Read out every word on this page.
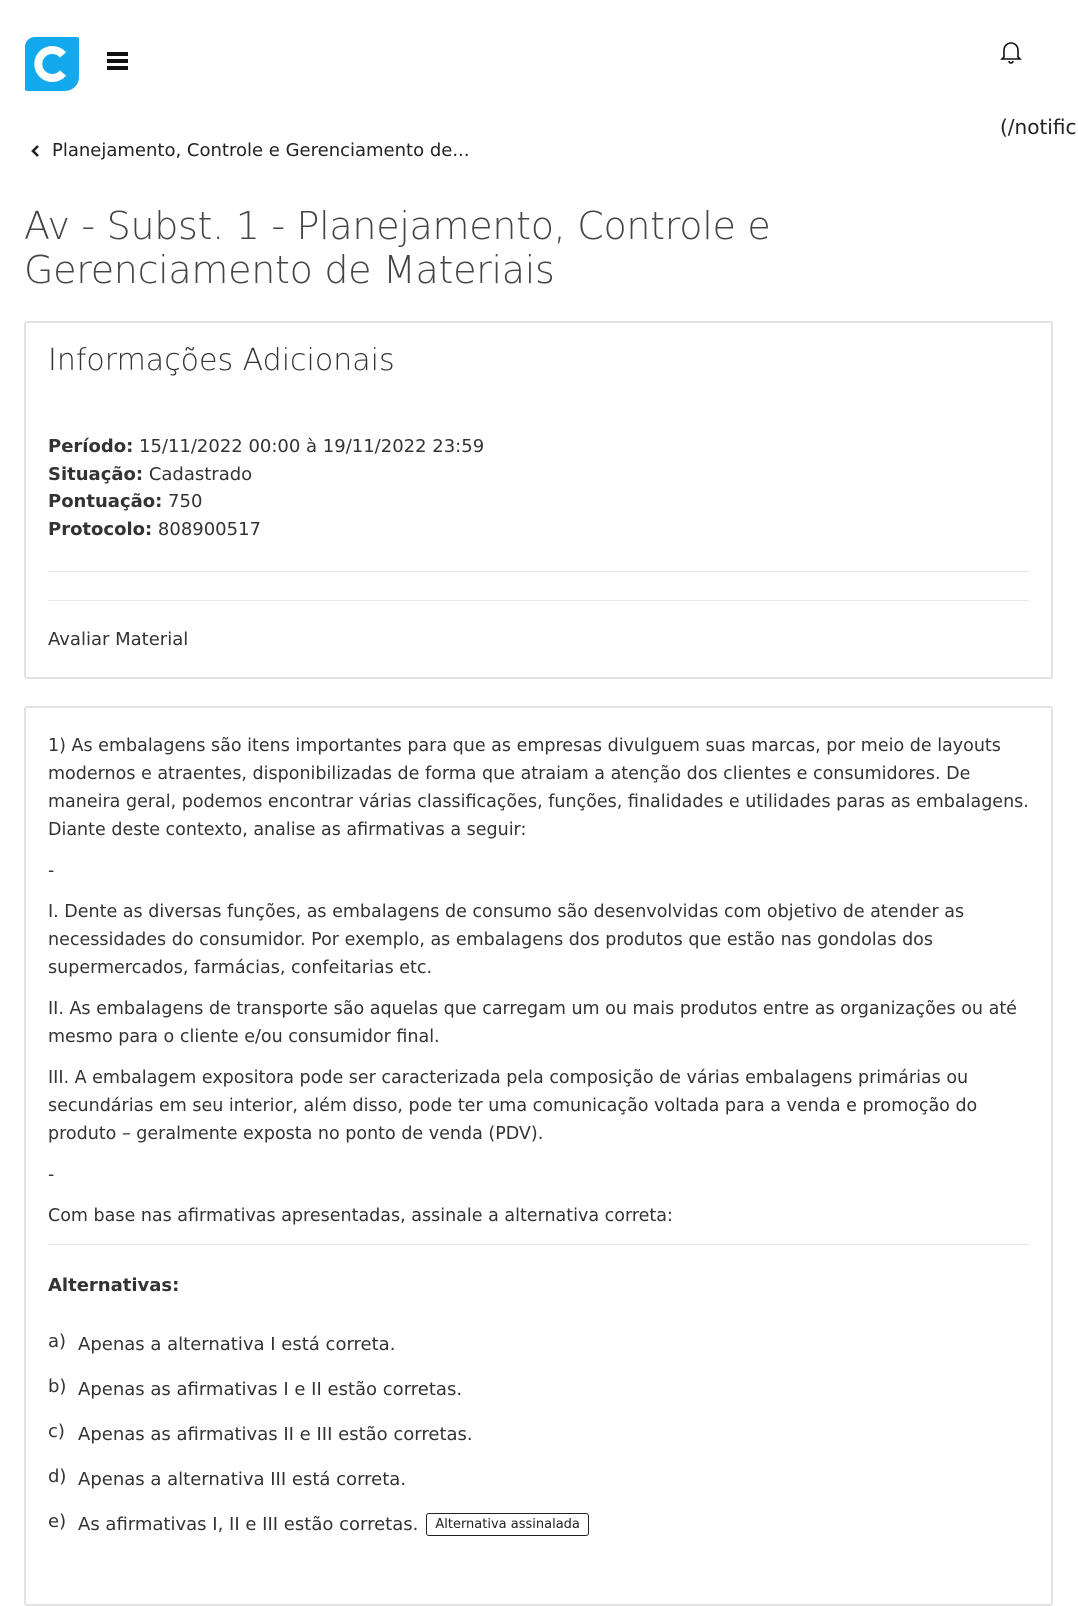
(/notific
Planejamento, Controle e Gerenciamento de...
Av - Subst. 1 - Planejamento, Controle e Gerenciamento de Materiais
Informações Adicionais
Período: 15/11/2022 00:00 à 19/11/2022 23:59
Situação: Cadastrado
Pontuação: 750
Protocolo: 808900517
Avaliar Material

1) As embalagens são itens importantes para que as empresas divulguem suas marcas, por meio de layouts modernos e atraentes, disponibilizadas de forma que atraiam a atenção dos clientes e consumidores. De maneira geral, podemos encontrar várias classificações, funções, finalidades e utilidades paras as embalagens. Diante deste contexto, analise as afirmativas a seguir:

-

I. Dente as diversas funções, as embalagens de consumo são desenvolvidas com objetivo de atender as necessidades do consumidor. Por exemplo, as embalagens dos produtos que estão nas gondolas dos supermercados, farmácias, confeitarias etc.

II. As embalagens de transporte são aquelas que carregam um ou mais produtos entre as organizações ou até mesmo para o cliente e/ou consumidor final.

III. A embalagem expositora pode ser caracterizada pela composição de várias embalagens primárias ou secundárias em seu interior, além disso, pode ter uma comunicação voltada para a venda e promoção do produto – geralmente exposta no ponto de venda (PDV).

-

Com base nas afirmativas apresentadas, assinale a alternativa correta:

Alternativas:
a) Apenas a alternativa I está correta.
b) Apenas as afirmativas I e II estão corretas.
c) Apenas as afirmativas II e III estão corretas.
d) Apenas a alternativa III está correta.
e) As afirmativas I, II e III estão corretas.	Alternativa assinalada
